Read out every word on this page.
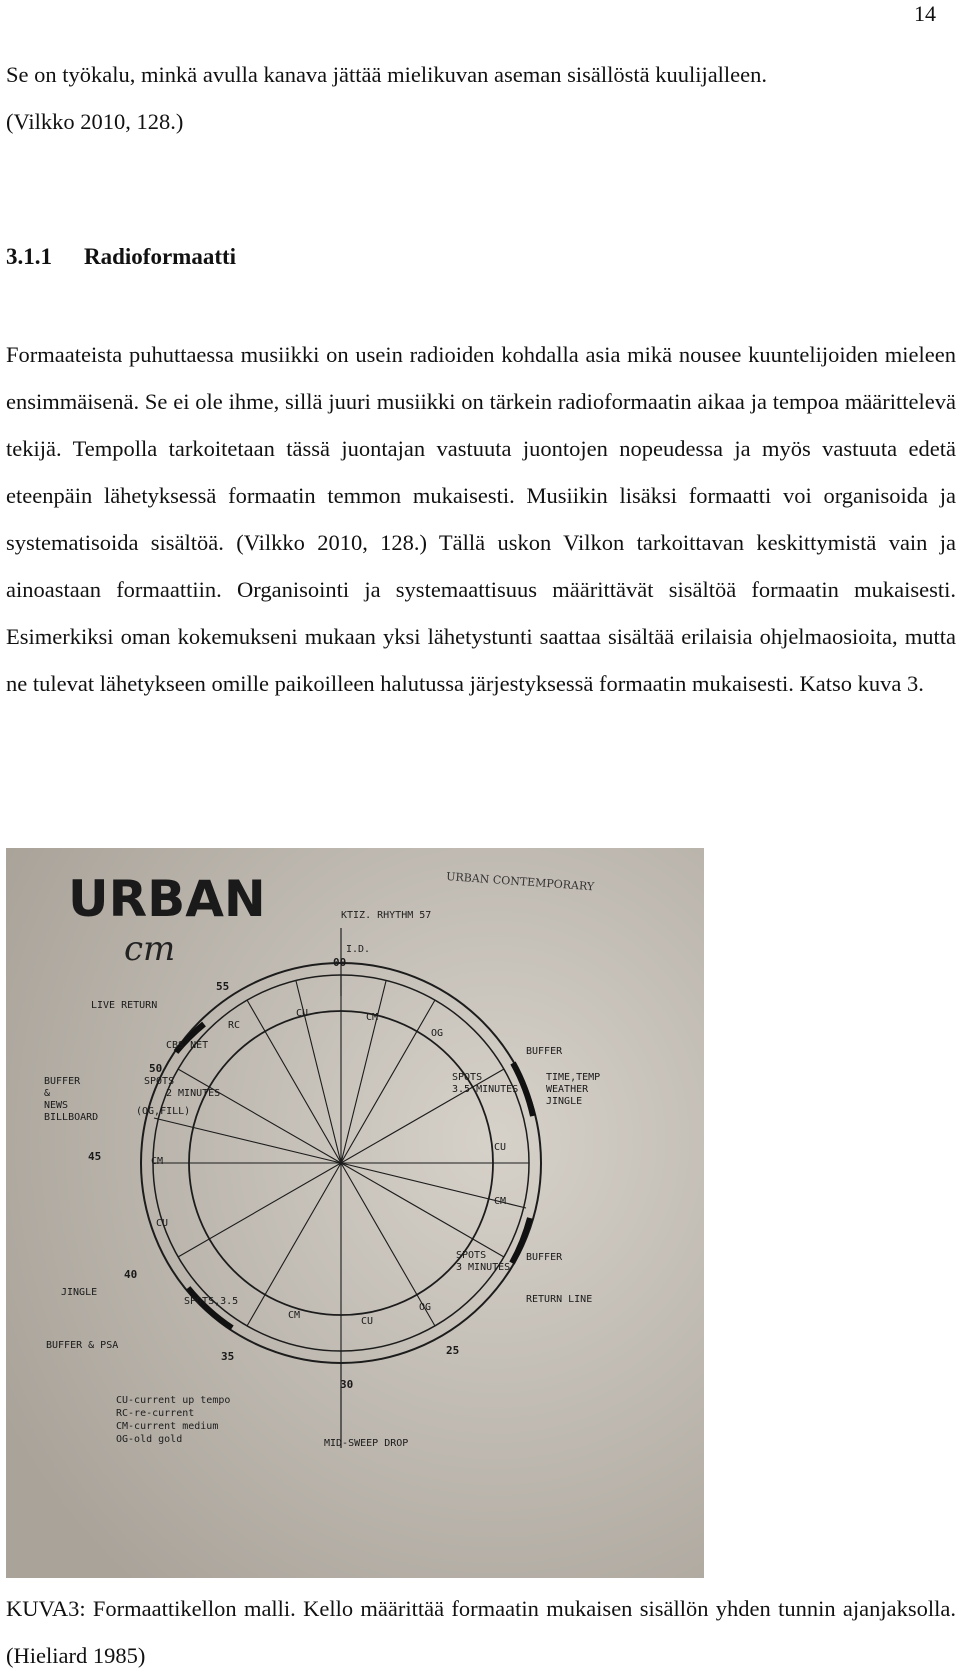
14

Se on työkalu, minkä avulla kanava jättää mielikuvan aseman sisällöstä kuulijalleen.

(Vilkko 2010, 128.)

3.1.1 Radioformaatti

Formaateista puhuttaessa musiikki on usein radioiden kohdalla asia mikä nousee kuuntelijoiden mieleen ensimmäisenä. Se ei ole ihme, sillä juuri musiikki on tärkein radioformaatin aikaa ja tempoa määrittelevä tekijä. Tempolla tarkoitetaan tässä juontajan vastuuta juontojen nopeudessa ja myös vastuuta edetä eteenpäin lähetyksessä formaatin temmon mukaisesti. Musiikin lisäksi formaatti voi organisoida ja systematisoida sisältöä. (Vilkko 2010, 128.) Tällä uskon Vilkon tarkoittavan keskittymistä vain ja ainoastaan formaattiin. Organisointi ja systemaattisuus määrittävät sisältöä formaatin mukaisesti. Esimerkiksi oman kokemukseni mukaan yksi lähetystunti saattaa sisältää erilaisia ohjelmaosioita, mutta ne tulevat lähetykseen omille paikoilleen halutussa järjestyksessä formaatin mukaisesti. Katso kuva 3.

URBAN
cm
URBAN CONTEMPORARY
KTIZ. RHYTHM 57
I.D.
00
55
50
45
40
35
30
25
LIVE RETURN
BUFFER
&
NEWS
BILLBOARD
JINGLE
BUFFER & PSA
BUFFER
TIME,TEMP
WEATHER
JINGLE
BUFFER
RETURN LINE
MID-SWEEP DROP
CU	CM
OG
RC
CBS NET
SPOTS
2 MINUTES
(OG,FILL)
SPOTS
3.5 MINUTES
CU
CM
CM
CU
SPOTS
3 MINUTES
SPOTS,3.5
CM
CU
OG
CU-current up tempo
RC-re-current
CM-current medium
OG-old gold

KUVA3: Formaattikellon malli. Kello määrittää formaatin mukaisen sisällön yhden tunnin ajanjaksolla. (Hieliard 1985)
